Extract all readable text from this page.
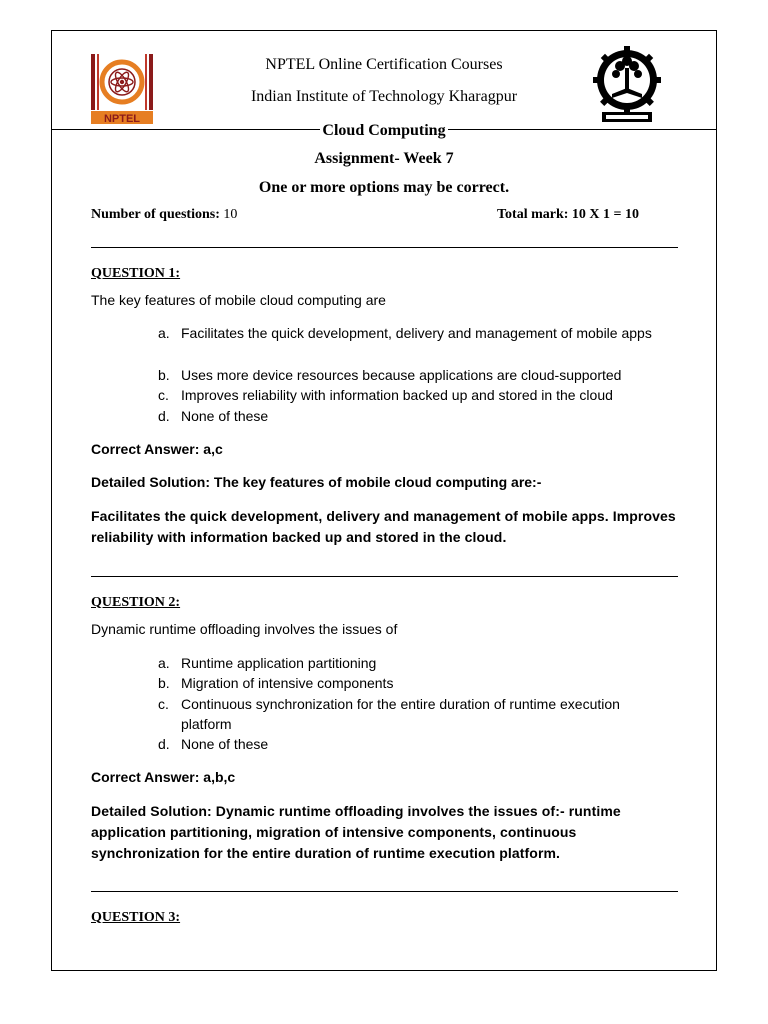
NPTEL
NPTEL Online Certification Courses
Indian Institute of Technology Kharagpur
Cloud Computing
Assignment- Week 7
One or more options may be correct.
Number of questions: 10	Total mark: 10 X 1 = 10
QUESTION 1:
The key features of mobile cloud computing are
a. Facilitates the quick development, delivery and management of mobile apps
b. Uses more device resources because applications are cloud-supported
c. Improves reliability with information backed up and stored in the cloud
d. None of these
Correct Answer: a,c
Detailed Solution: The key features of mobile cloud computing are:-
Facilitates the quick development, delivery and management of mobile apps. Improves reliability with information backed up and stored in the cloud.
QUESTION 2:
Dynamic runtime offloading involves the issues of
a. Runtime application partitioning
b. Migration of intensive components
c. Continuous synchronization for the entire duration of runtime execution platform
d. None of these
Correct Answer: a,b,c
Detailed Solution: Dynamic runtime offloading involves the issues of:- runtime application partitioning, migration of intensive components, continuous synchronization for the entire duration of runtime execution platform.
QUESTION 3:
